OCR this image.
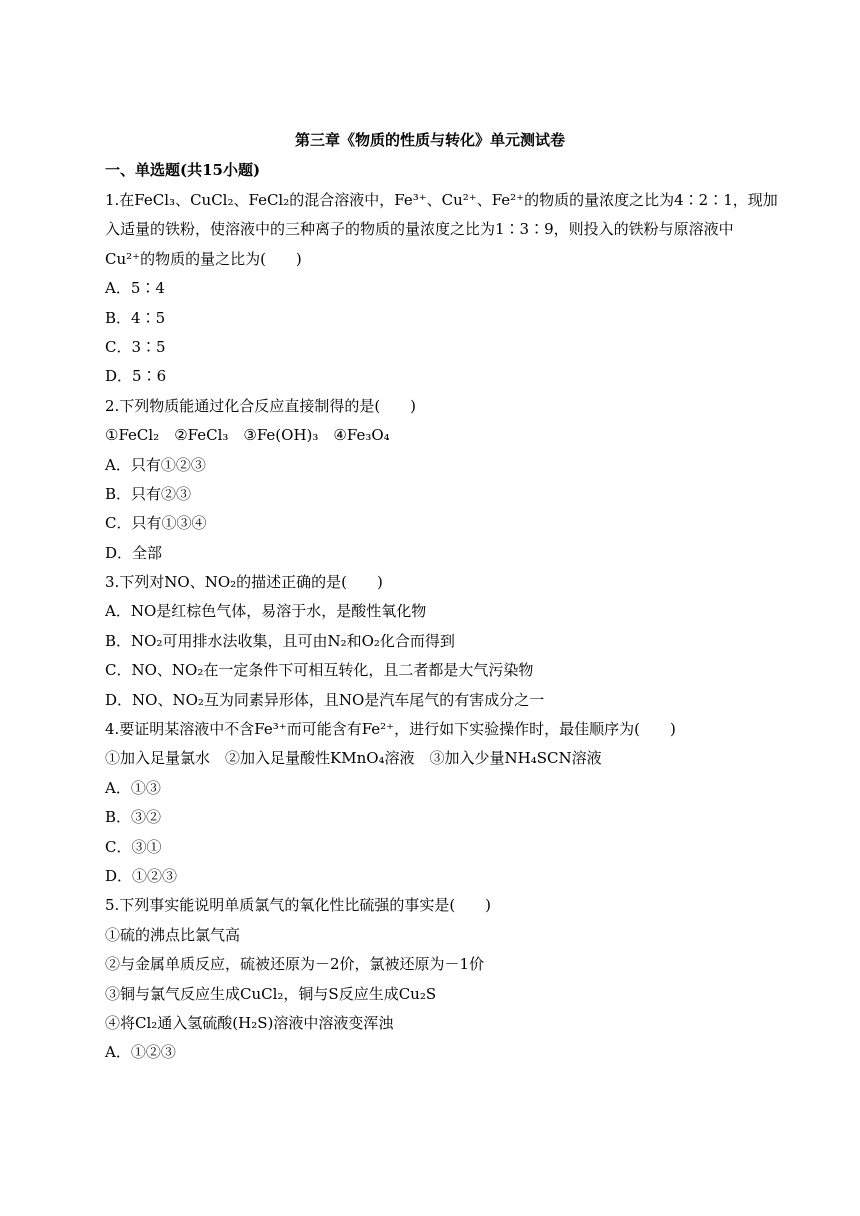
第三章《物质的性质与转化》单元测试卷
一、单选题(共15小题)
1.在FeCl₃、CuCl₂、FeCl₂的混合溶液中，Fe³⁺、Cu²⁺、Fe²⁺的物质的量浓度之比为4∶2∶1，现加
入适量的铁粉，使溶液中的三种离子的物质的量浓度之比为1∶3∶9，则投入的铁粉与原溶液中
Cu²⁺的物质的量之比为(　　)
A．5∶4
B．4∶5
C．3∶5
D．5∶6
2.下列物质能通过化合反应直接制得的是(　　)
①FeCl₂　②FeCl₃　③Fe(OH)₃　④Fe₃O₄
A．只有①②③
B．只有②③
C．只有①③④
D．全部
3.下列对NO、NO₂的描述正确的是(　　)
A．NO是红棕色气体，易溶于水，是酸性氧化物
B．NO₂可用排水法收集，且可由N₂和O₂化合而得到
C．NO、NO₂在一定条件下可相互转化，且二者都是大气污染物
D．NO、NO₂互为同素异形体，且NO是汽车尾气的有害成分之一
4.要证明某溶液中不含Fe³⁺而可能含有Fe²⁺，进行如下实验操作时，最佳顺序为(　　)
①加入足量氯水　②加入足量酸性KMnO₄溶液　③加入少量NH₄SCN溶液
A．①③
B．③②
C．③①
D．①②③
5.下列事实能说明单质氯气的氧化性比硫强的事实是(　　)
①硫的沸点比氯气高
②与金属单质反应，硫被还原为－2价，氯被还原为－1价
③铜与氯气反应生成CuCl₂，铜与S反应生成Cu₂S
④将Cl₂通入氢硫酸(H₂S)溶液中溶液变浑浊
A．①②③
